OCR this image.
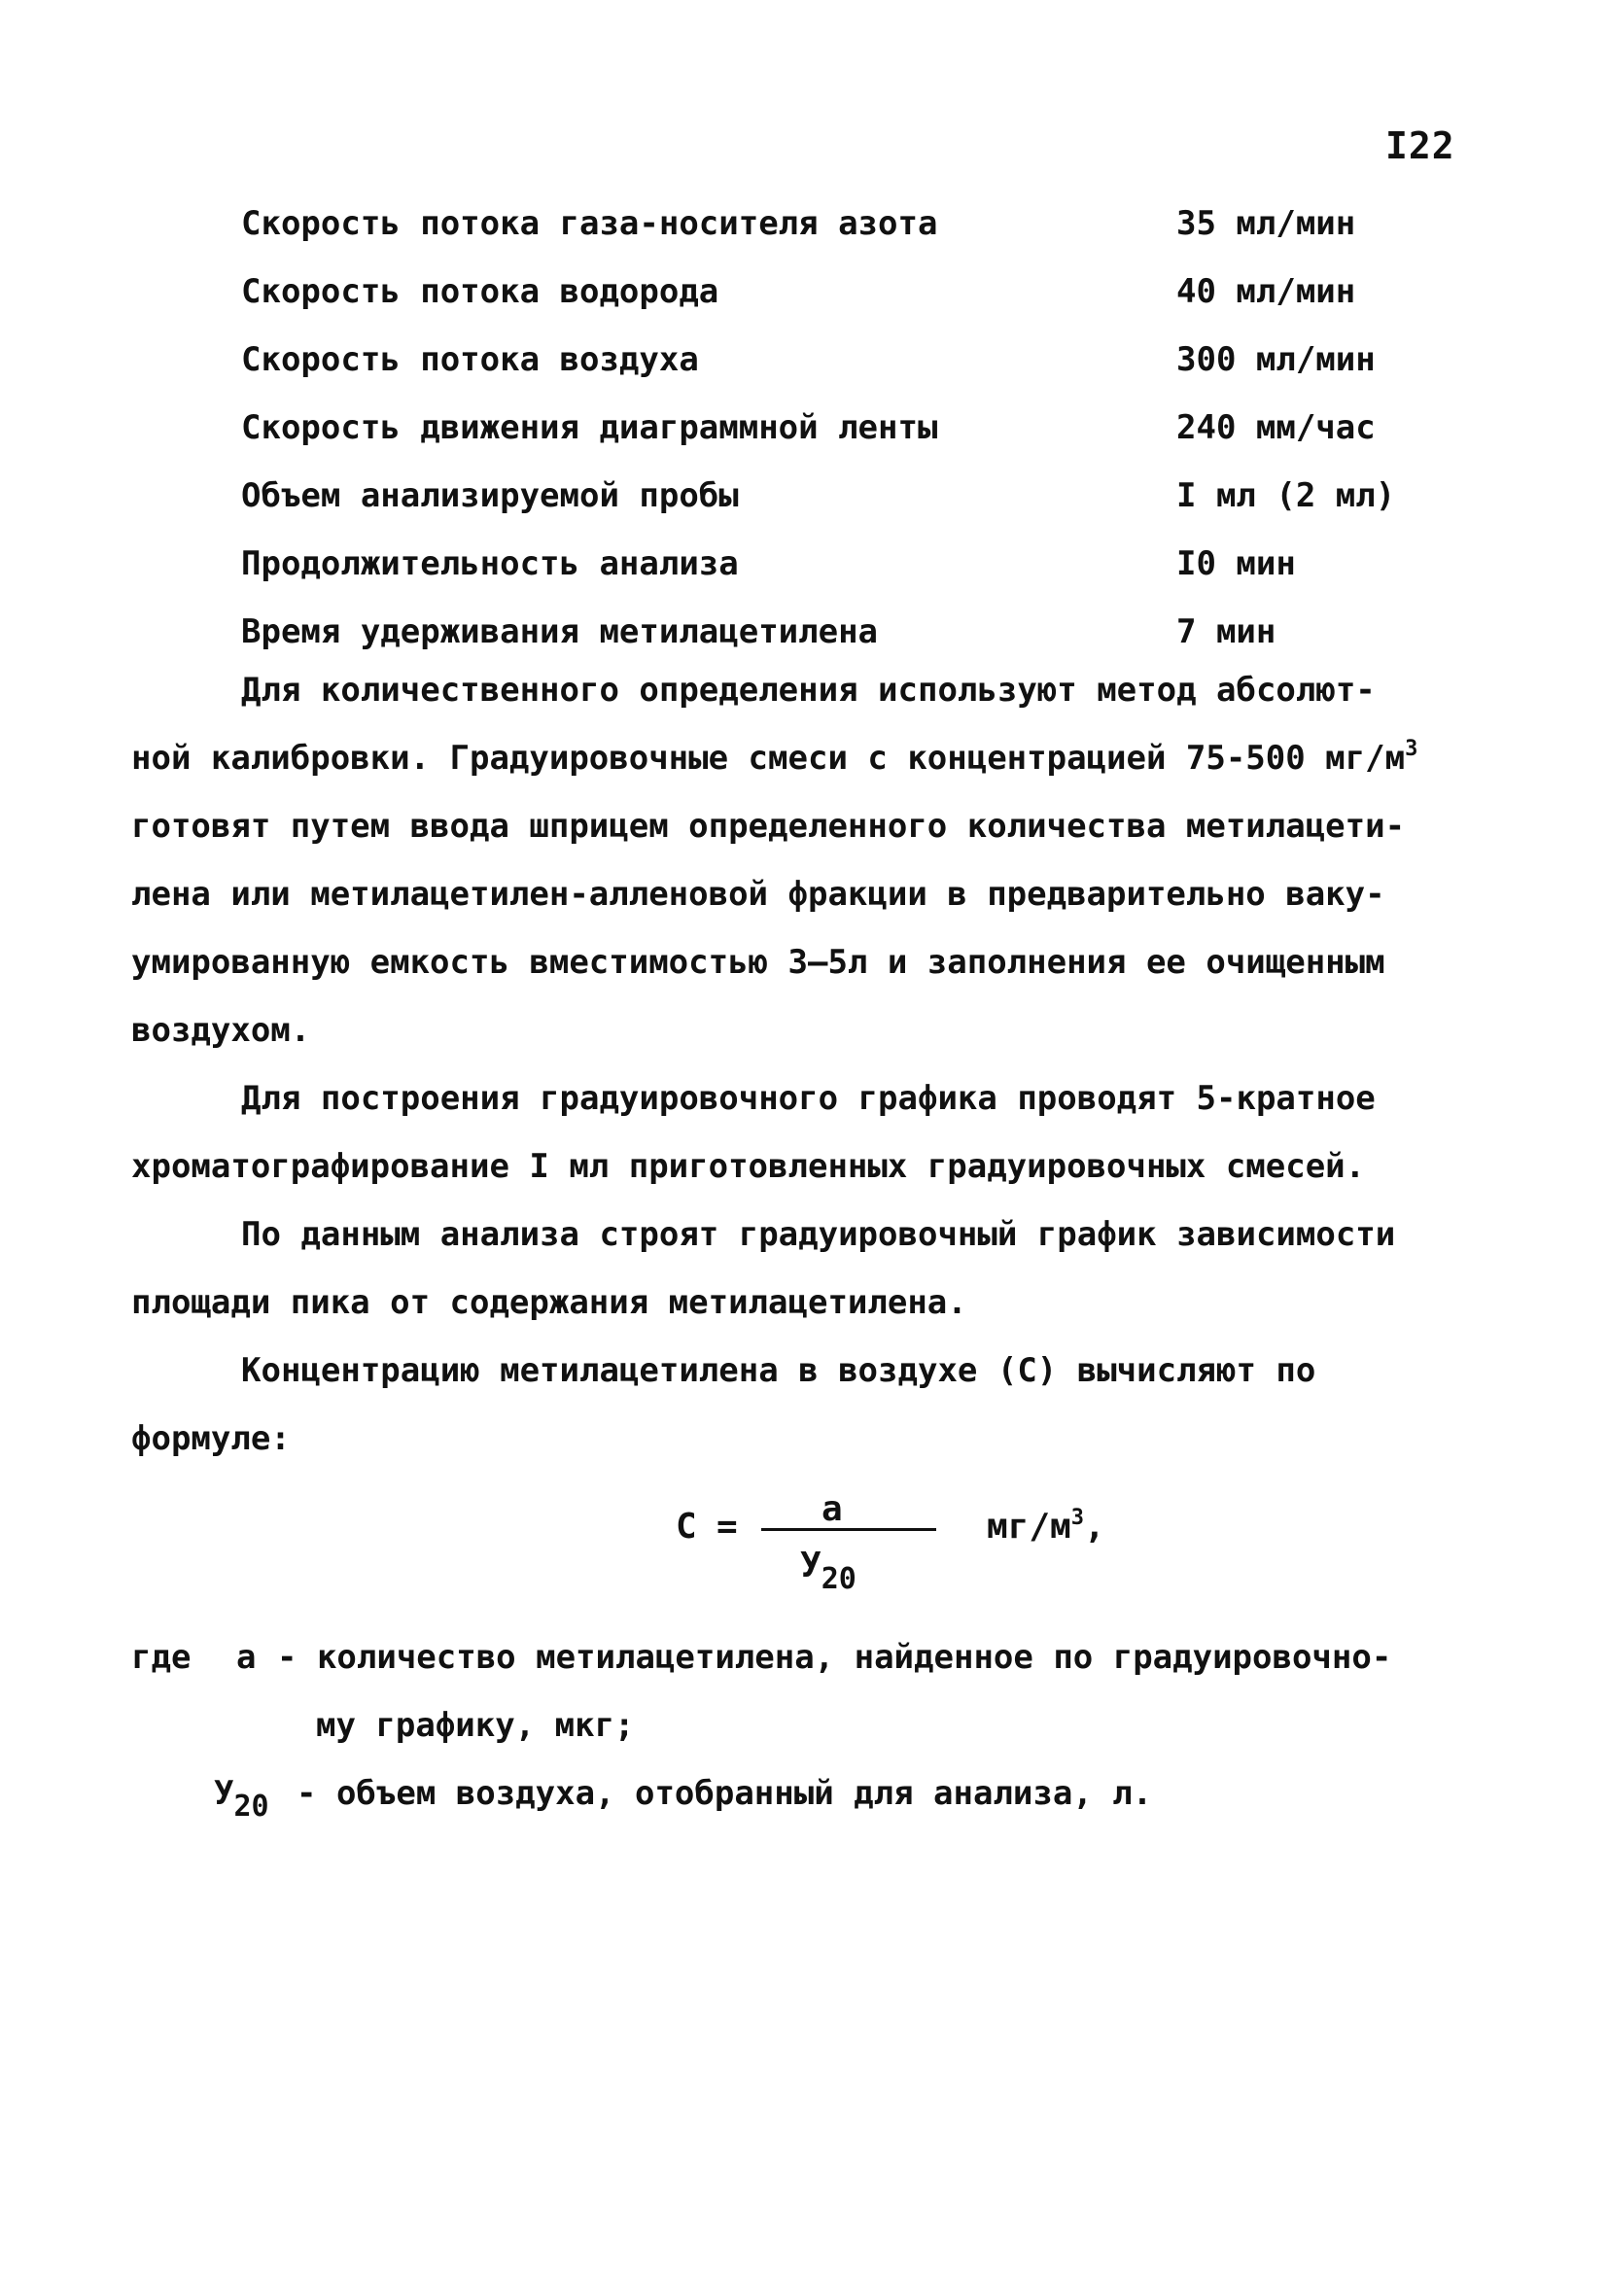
I22
Скорость потока газа-носителя азота	35 мл/мин
Скорость потока водорода	40 мл/мин
Скорость потока воздуха	300 мл/мин
Скорость движения диаграммной ленты	240 мм/час
Объем анализируемой пробы	I мл (2 мл)
Продолжительность анализа	I0 мин
Время удерживания метилацетилена	7 мин

Для количественного определения используют метод абсолют-

ной калибровки. Градуировочные смеси с концентрацией 75-500 $мг/м^3$

готовят путем ввода шприцем определенного количества метилацети-

лена или метилацетилен-алленовой фракции в предварительно ваку-

умированную емкость вместимостью 3–5л и заполнения ее очищенным

воздухом.

Для построения градуировочного графика проводят 5-кратное

хроматографирование I мл приготовленных градуировочных смесей.

По данным анализа строят градуировочный график зависимости

площади пика от содержания метилацетилена.

Концентрацию метилацетилена в воздухе (С) вычисляют по

формуле:

С = а
$У_{20}$
$мг/м^3$,
где а - количество метилацетилена, найденное по градуировочно-
му графику, мкг;
У20 - объем воздуха, отобранный для анализа, л.
